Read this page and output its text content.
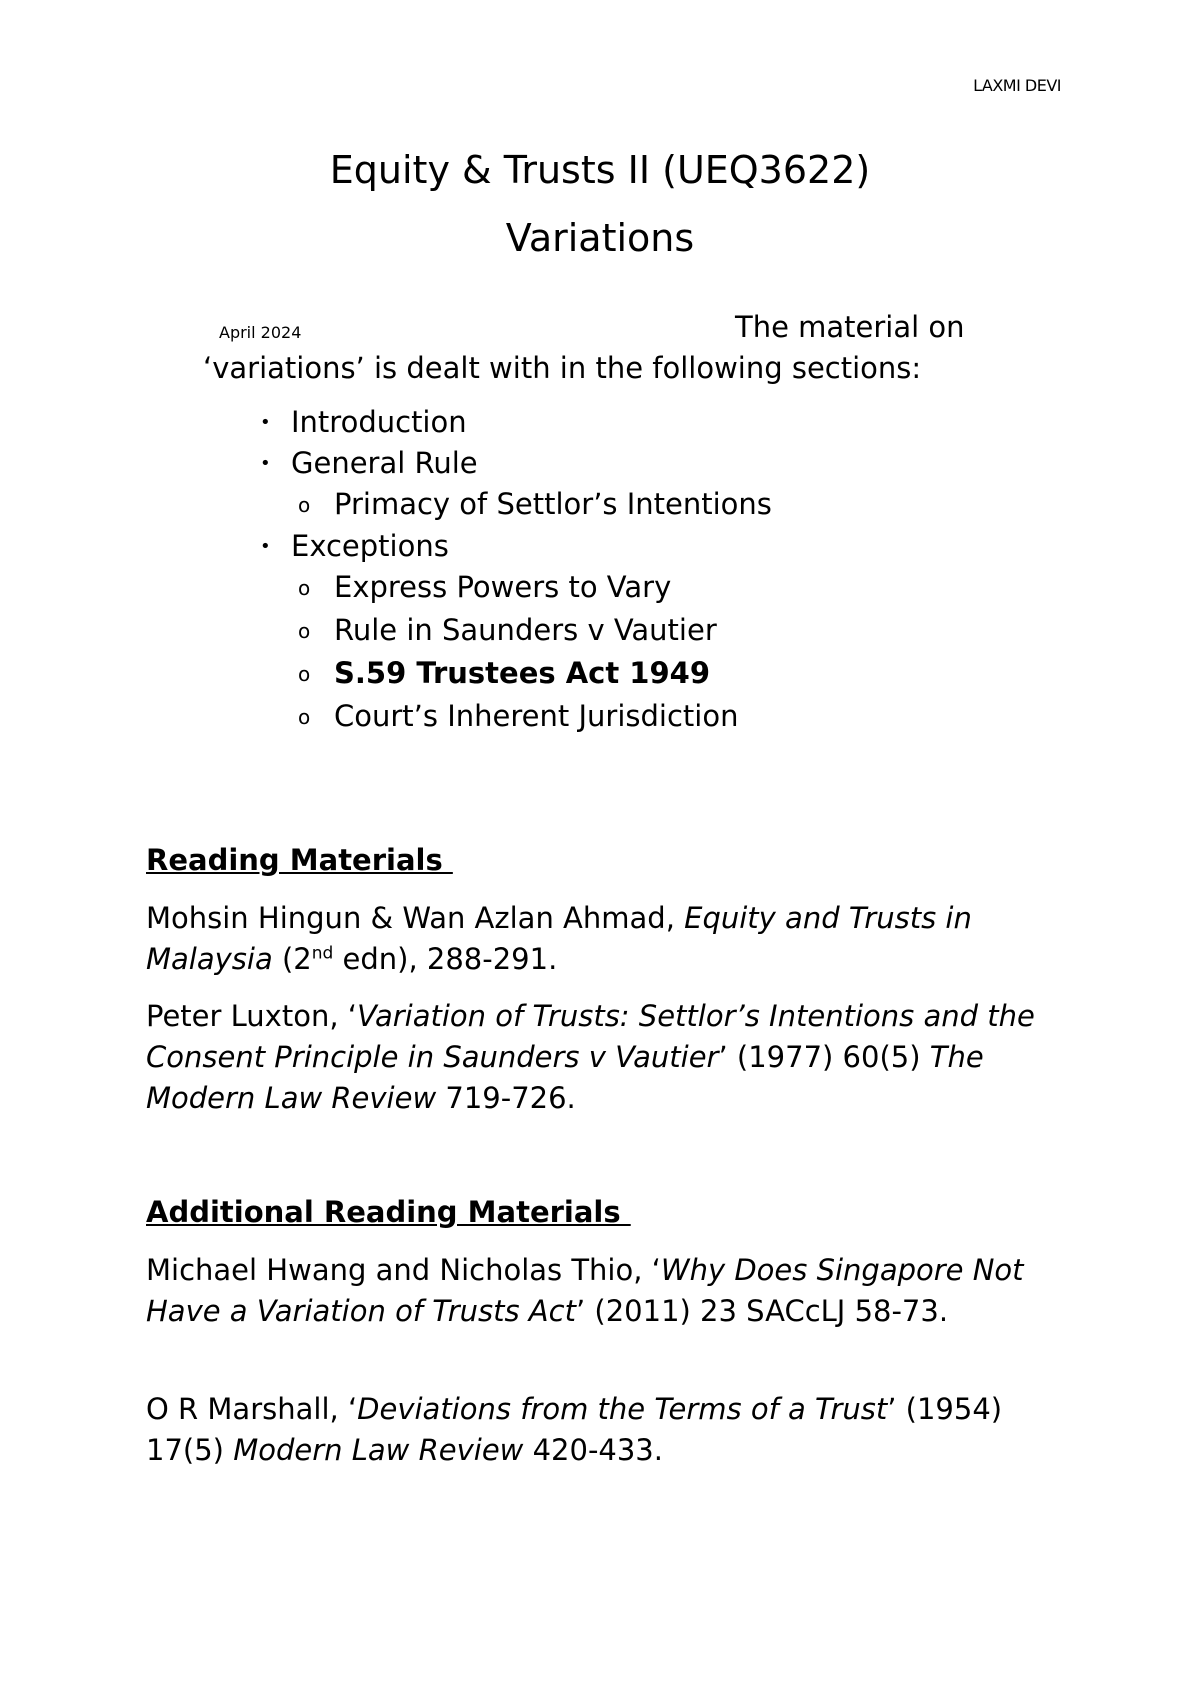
LAXMI DEVI
Equity & Trusts II (UEQ3622)
Variations
April 2024	The material on

‘variations’ is dealt with in the following sections:

• Introduction
• General Rule
o Primacy of Settlor’s Intentions
• Exceptions
o Express Powers to Vary
o Rule in Saunders v Vautier
o S.59 Trustees Act 1949
o Court’s Inherent Jurisdiction
Reading Materials

Mohsin Hingun & Wan Azlan Ahmad, Equity and Trusts in Malaysia (2nd edn), 288-291.

Peter Luxton, ‘Variation of Trusts: Settlor’s Intentions and the Consent Principle in Saunders v Vautier’ (1977) 60(5) The Modern Law Review 719-726.

Additional Reading Materials

Michael Hwang and Nicholas Thio, ‘Why Does Singapore Not Have a Variation of Trusts Act’ (2011) 23 SACcLJ 58-73.

O R Marshall, ‘Deviations from the Terms of a Trust’ (1954) 17(5) Modern Law Review 420-433.
